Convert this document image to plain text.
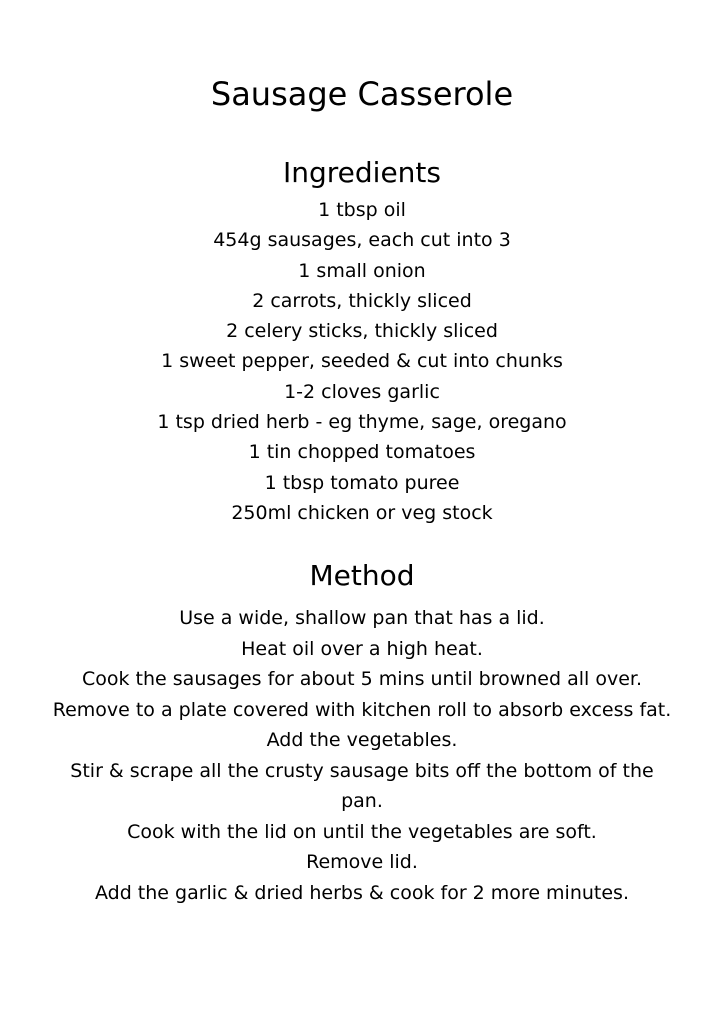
Sausage Casserole
Ingredients
1 tbsp oil
454g sausages, each cut into 3
1 small onion
2 carrots, thickly sliced
2 celery sticks, thickly sliced
1 sweet pepper, seeded & cut into chunks
1-2 cloves garlic
1 tsp dried herb - eg thyme, sage, oregano
1 tin chopped tomatoes
1 tbsp tomato puree
250ml chicken or veg stock
Method
Use a wide, shallow pan that has a lid.
Heat oil over a high heat.
Cook the sausages for about 5 mins until browned all over.
Remove to a plate covered with kitchen roll to absorb excess fat.
Add the vegetables.
Stir & scrape all the crusty sausage bits off the bottom of the pan.
Cook with the lid on until the vegetables are soft.
Remove lid.
Add the garlic & dried herbs & cook for 2 more minutes.
